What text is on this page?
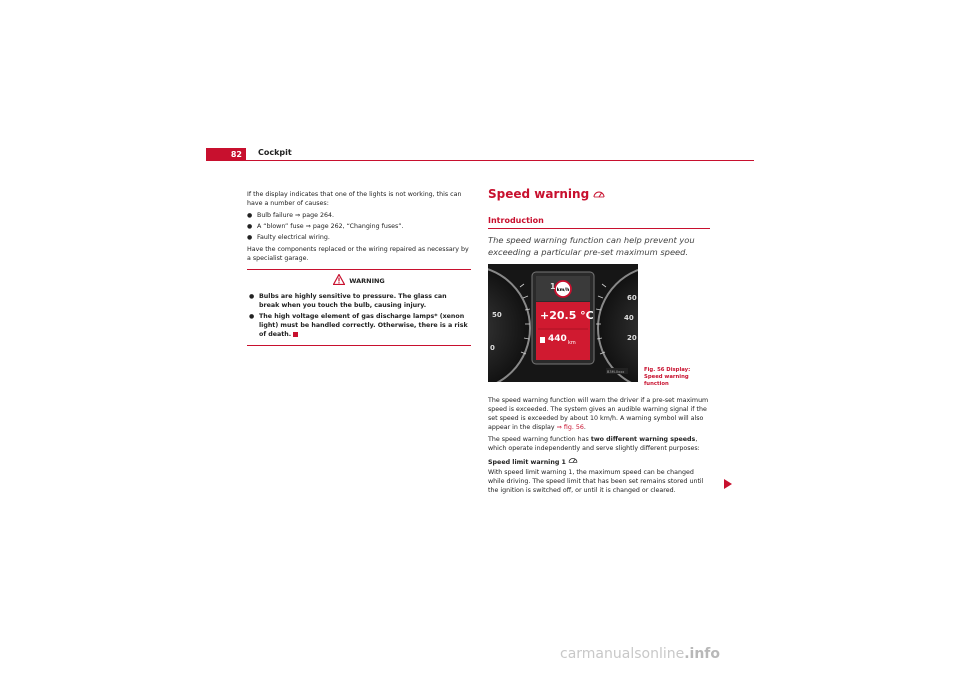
82	Cockpit

If the display indicates that one of the lights is not working, this can have a number of causes:

● Bulb failure ⇒ page 264.
● A “blown” fuse ⇒ page 262, “Changing fuses”.
● Faulty electrical wiring.

Have the components replaced or the wiring repaired as necessary by a specialist garage.

WARNING
● Bulbs are highly sensitive to pressure. The glass can break when you touch the bulb, causing injury.
● The high voltage element of gas discharge lamps* (xenon light) must be handled correctly. Otherwise, there is a risk of death.
Speed warning
Introduction
The speed warning function can help prevent you exceeding a particular pre-set maximum speed.
1 km/h
+20.5 °C
440 km
50
0
60
40
20
B3M-0xxx

The speed warning function will warn the driver if a pre-set maximum speed is exceeded. The system gives an audible warning signal if the set speed is exceeded by about 10 km/h. A warning symbol will also appear in the display ⇒ fig. 56.

The speed warning function has two different warning speeds, which operate independently and serve slightly different purposes:

Speed limit warning 1

With speed limit warning 1, the maximum speed can be changed while driving. The speed limit that has been set remains stored until the ignition is switched off, or until it is changed or cleared.

Fig. 56 Display: Speed warning function
carmanualsonline.info
